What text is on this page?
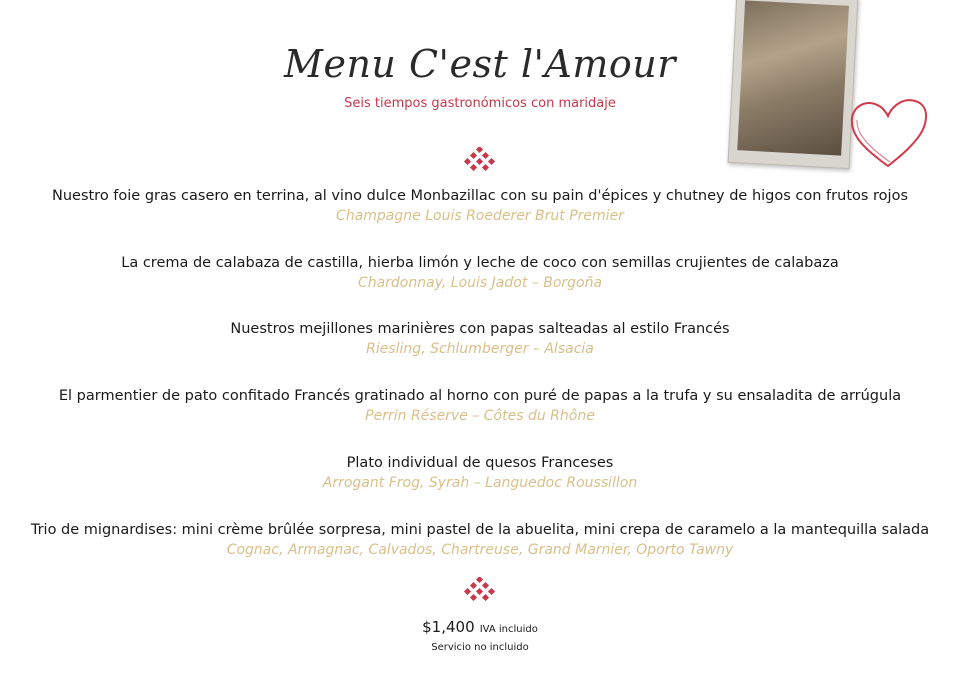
Menu C'est l'Amour
Seis tiempos gastronómicos con maridaje
Nuestro foie gras casero en terrina, al vino dulce Monbazillac con su pain d'épices y chutney de higos con frutos rojos
Champagne Louis Roederer Brut Premier
La crema de calabaza de castilla, hierba limón y leche de coco con semillas crujientes de calabaza
Chardonnay, Louis Jadot – Borgoña
Nuestros mejillones marinières con papas salteadas al estilo Francés
Riesling, Schlumberger – Alsacia
El parmentier de pato confitado Francés gratinado al horno con puré de papas a la trufa y su ensaladita de arrúgula
Perrin Réserve – Côtes du Rhône
Plato individual de quesos Franceses
Arrogant Frog, Syrah – Languedoc Roussillon
Trio de mignardises: mini crème brûlée sorpresa, mini pastel de la abuelita, mini crepa de caramelo a la mantequilla salada
Cognac, Armagnac, Calvados, Chartreuse, Grand Marnier, Oporto Tawny
$1,400 IVA incluido
Servicio no incluido
